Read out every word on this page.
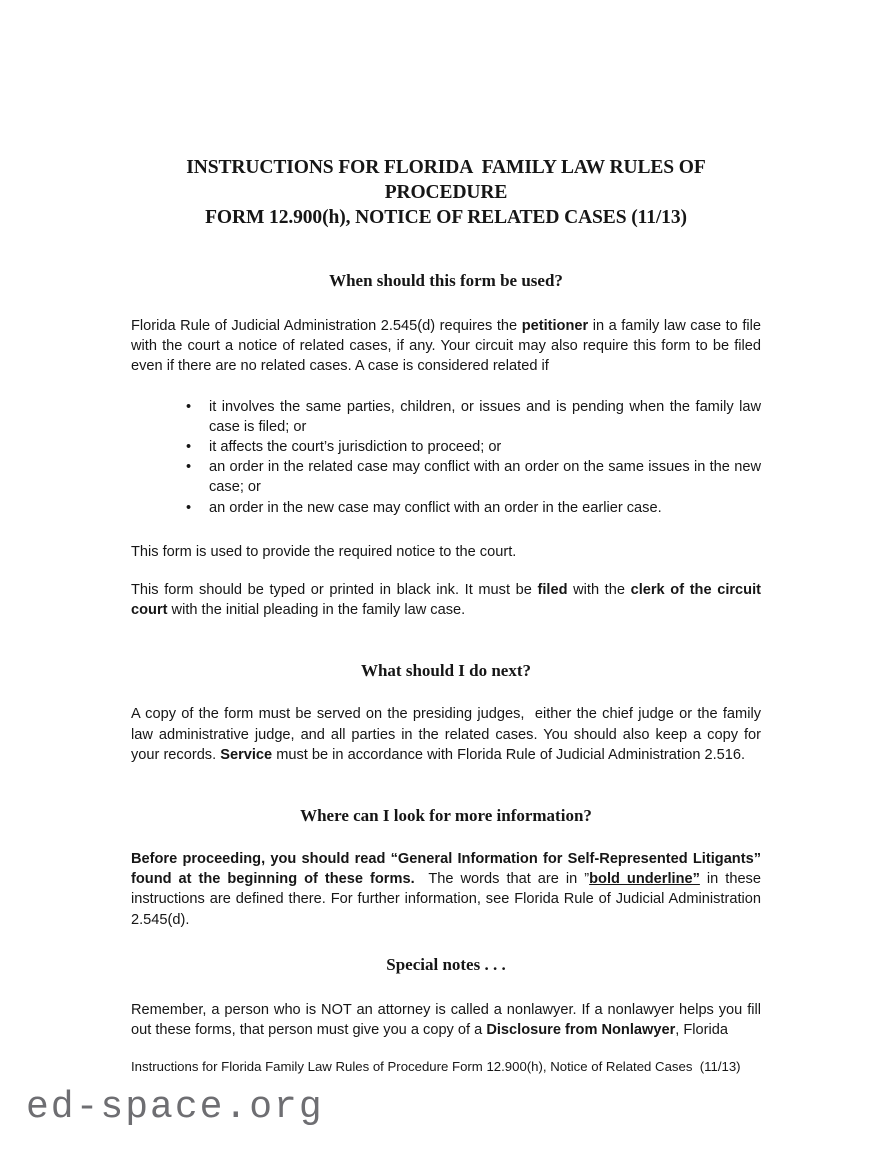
INSTRUCTIONS FOR FLORIDA  FAMILY LAW RULES OF PROCEDURE
FORM 12.900(h), NOTICE OF RELATED CASES (11/13)
When should this form be used?

Florida Rule of Judicial Administration 2.545(d) requires the petitioner in a family law case to file with the court a notice of related cases, if any. Your circuit may also require this form to be filed even if there are no related cases. A case is considered related if

• it involves the same parties, children, or issues and is pending when the family law case is filed; or
• it affects the court’s jurisdiction to proceed; or
• an order in the related case may conflict with an order on the same issues in the new case; or
• an order in the new case may conflict with an order in the earlier case.

This form is used to provide the required notice to the court.

This form should be typed or printed in black ink. It must be filed with the clerk of the circuit court with the initial pleading in the family law case.

What should I do next?

A copy of the form must be served on the presiding judges,  either the chief judge or the family law administrative judge, and all parties in the related cases. You should also keep a copy for your records. Service must be in accordance with Florida Rule of Judicial Administration 2.516.

Where can I look for more information?

Before proceeding, you should read “General Information for Self-Represented Litigants” found at the beginning of these forms.  The words that are in ”bold underline” in these instructions are defined there. For further information, see Florida Rule of Judicial Administration 2.545(d).

Special notes . . .

Remember, a person who is NOT an attorney is called a nonlawyer. If a nonlawyer helps you fill out these forms, that person must give you a copy of a Disclosure from Nonlawyer, Florida

Instructions for Florida Family Law Rules of Procedure Form 12.900(h), Notice of Related Cases  (11/13)

ed-space.org
